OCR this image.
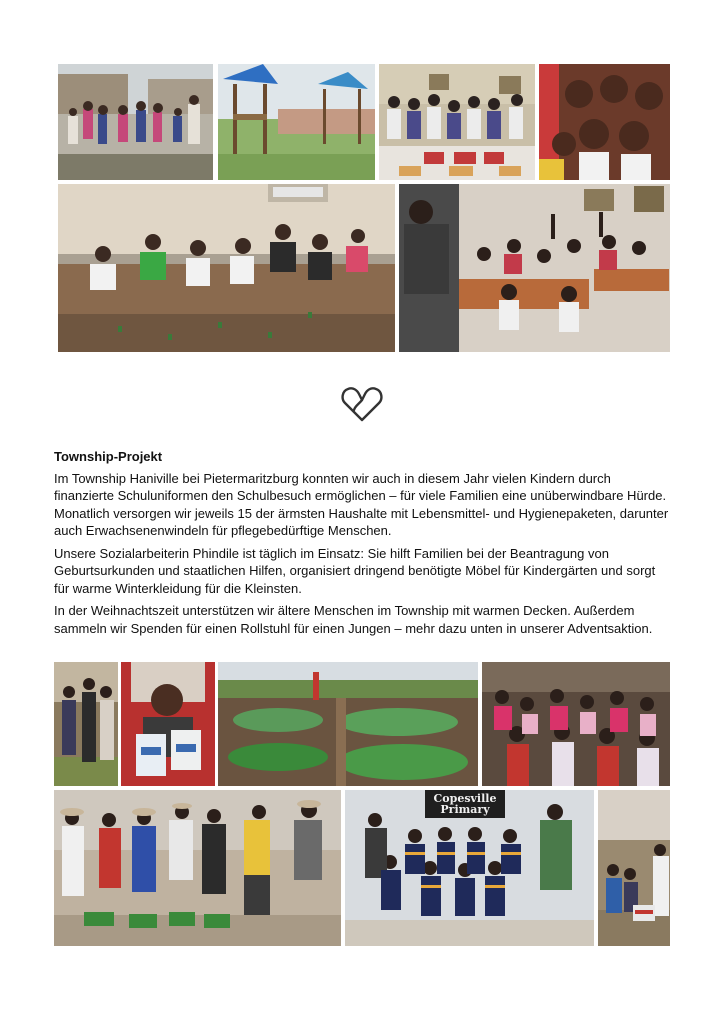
Township-Projekt

Im Township Haniville bei Pietermaritzburg konnten wir auch in diesem Jahr vielen Kindern durch finanzierte Schuluniformen den Schulbesuch ermöglichen – für viele Familien eine unüberwindbare Hürde. Monatlich versorgen wir jeweils 15 der ärmsten Haushalte mit Lebensmittel- und Hygienepaketen, darunter auch Erwachsenenwindeln für pflegebedürftige Menschen.

Unsere Sozialarbeiterin Phindile ist täglich im Einsatz: Sie hilft Familien bei der Beantragung von Geburtsurkunden und staatlichen Hilfen, organisiert dringend benötigte Möbel für Kindergärten und sorgt für warme Winterkleidung für die Kleinsten.

In der Weihnachtszeit unterstützen wir ältere Menschen im Township mit warmen Decken. Außerdem sammeln wir Spenden für einen Rollstuhl für einen Jungen – mehr dazu unten in unserer Adventsaktion.

Copesville Primary
